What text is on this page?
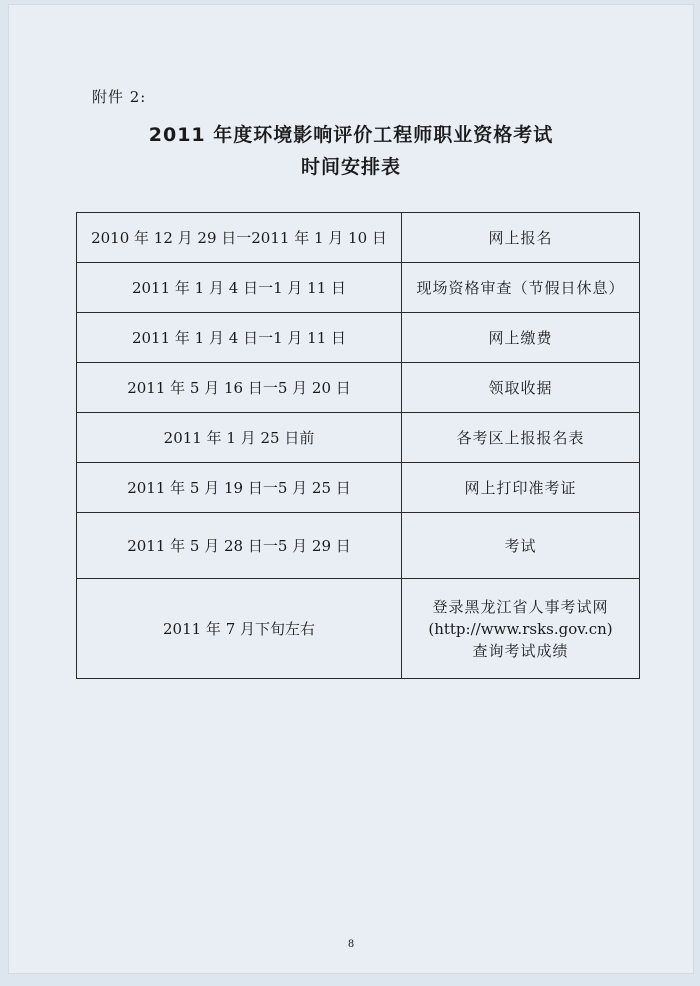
附件 2:
2011 年度环境影响评价工程师职业资格考试
时间安排表
2010 年 12 月 29 日一2011 年 1 月 10 日	网上报名
2011 年 1 月 4 日一1 月 11 日	现场资格审查（节假日休息）
2011 年 1 月 4 日一1 月 11 日	网上缴费
2011 年 5 月 16 日一5 月 20 日	领取收据
2011 年 1 月 25 日前	各考区上报报名表
2011 年 5 月 19 日一5 月 25 日	网上打印准考证
2011 年 5 月 28 日一5 月 29 日	考试
2011 年 7 月下旬左右	登录黑龙江省人事考试网
(http://www.rsks.gov.cn)
查询考试成绩
8
